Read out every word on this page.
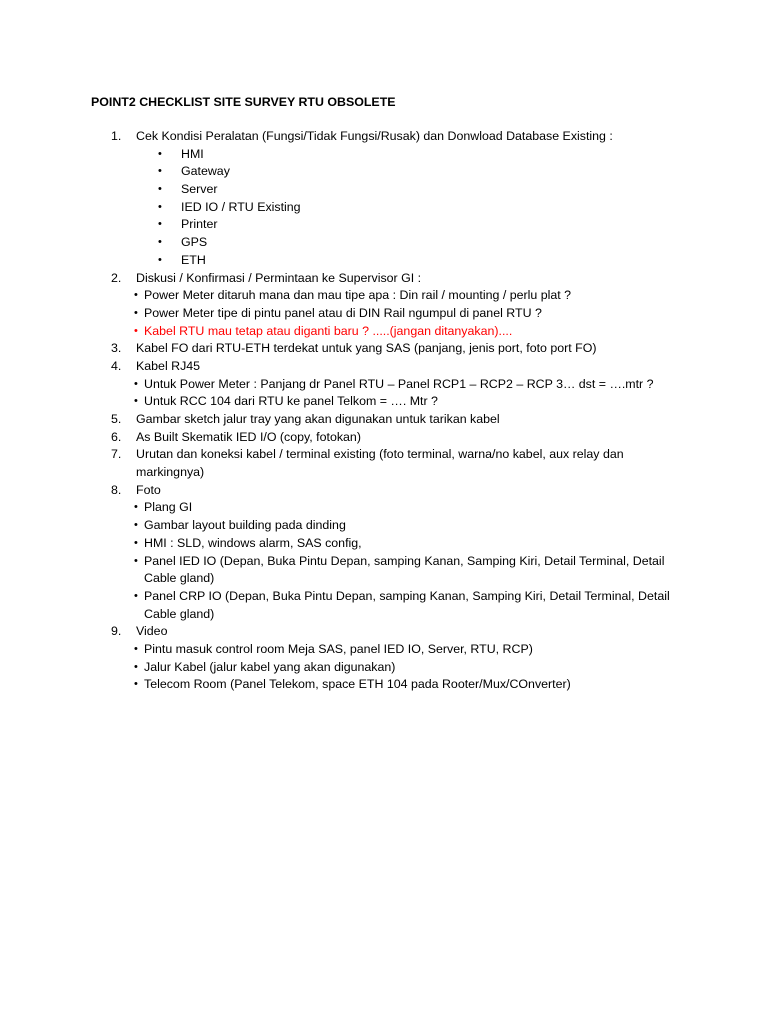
POINT2 CHECKLIST SITE SURVEY RTU OBSOLETE
1.	Cek Kondisi Peralatan (Fungsi/Tidak Fungsi/Rusak) dan Donwload Database Existing :
•	HMI
•	Gateway
•	Server
•	IED IO / RTU Existing
•	Printer
•	GPS
•	ETH
2.	Diskusi / Konfirmasi / Permintaan ke Supervisor GI :
• Power Meter ditaruh mana dan mau tipe apa : Din rail / mounting / perlu plat ?
• Power Meter tipe di pintu panel atau di DIN Rail ngumpul di panel RTU ?
• Kabel RTU mau tetap atau diganti baru ? .....(jangan ditanyakan)....
3.	Kabel FO dari RTU-ETH terdekat untuk yang SAS (panjang, jenis port, foto port FO)
4.	Kabel RJ45
• Untuk Power Meter : Panjang dr Panel RTU – Panel RCP1 – RCP2 – RCP 3… dst = ….mtr ?
• Untuk RCC 104 dari RTU ke panel Telkom = …. Mtr ?
5.	Gambar sketch jalur tray yang akan digunakan untuk tarikan kabel
6.	As Built Skematik IED I/O (copy, fotokan)
7.	Urutan dan koneksi kabel / terminal existing (foto terminal, warna/no kabel, aux relay dan
markingnya)
8.	Foto
• Plang GI
• Gambar layout building pada dinding
• HMI : SLD, windows alarm, SAS config,
• Panel IED IO (Depan, Buka Pintu Depan, samping Kanan, Samping Kiri, Detail Terminal, Detail
Cable gland)
• Panel CRP IO (Depan, Buka Pintu Depan, samping Kanan, Samping Kiri, Detail Terminal, Detail
Cable gland)
9.	Video
• Pintu masuk control room Meja SAS, panel IED IO, Server, RTU, RCP)
• Jalur Kabel (jalur kabel yang akan digunakan)
• Telecom Room (Panel Telekom, space ETH 104 pada Rooter/Mux/COnverter)
